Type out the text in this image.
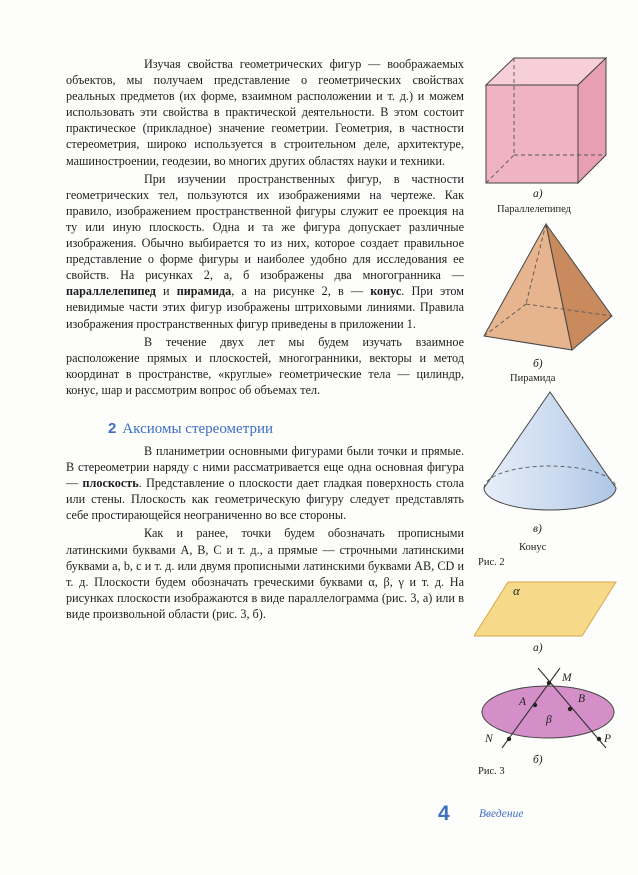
Изучая свойства геометрических фигур — воображаемых объектов, мы получаем представление о геометрических свойствах реальных предметов (их форме, взаимном расположении и т. д.) и можем использовать эти свойства в практической деятельности. В этом состоит практическое (прикладное) значение геометрии. Геометрия, в частности стереометрия, широко используется в строительном деле, архитектуре, машиностроении, геодезии, во многих других областях науки и техники.

При изучении пространственных фигур, в частности геометрических тел, пользуются их изображениями на чертеже. Как правило, изображением пространственной фигуры служит ее проекция на ту или иную плоскость. Одна и та же фигура допускает различные изображения. Обычно выбирается то из них, которое создает правильное представление о форме фигуры и наиболее удобно для исследования ее свойств. На рисунках 2, а, б изображены два многогранника — параллелепипед и пирамида, а на рисунке 2, в — конус. При этом невидимые части этих фигур изображены штриховыми линиями. Правила изображения пространственных фигур приведены в приложении 1.

В течение двух лет мы будем изучать взаимное расположение прямых и плоскостей, многогранники, векторы и метод координат в пространстве, «круглые» геометрические тела — цилиндр, конус, шар и рассмотрим вопрос об объемах тел.

2 Аксиомы стереометрии

В планиметрии основными фигурами были точки и прямые. В стереометрии наряду с ними рассматривается еще одна основная фигура — плоскость. Представление о плоскости дает гладкая поверхность стола или стены. Плоскость как геометрическую фигуру следует представлять себе простирающейся неограниченно во все стороны.

Как и ранее, точки будем обозначать прописными латинскими буквами A, B, C и т. д., а прямые — строчными латинскими буквами a, b, c и т. д. или двумя прописными латинскими буквами AB, CD и т. д. Плоскости будем обозначать греческими буквами α, β, γ и т. д. На рисунках плоскости изображаются в виде параллелограмма (рис. 3, а) или в виде произвольной области (рис. 3, б).

а)
Параллелепипед
б)
Пирамида
в)
Конус
Рис. 2
α
а)
M
A	B
β
N	P
б)
Рис. 3
4	Введение
